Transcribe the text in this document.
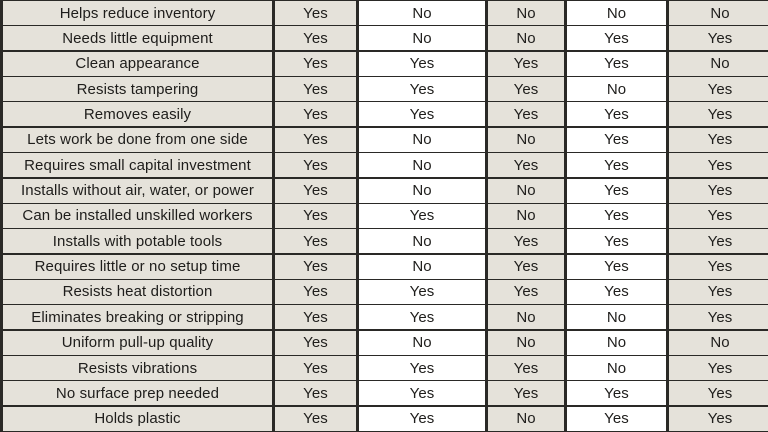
Helps reduce inventory	Yes	No	No	No	No
Needs little equipment	Yes	No	No	Yes	Yes
Clean appearance	Yes	Yes	Yes	Yes	No
Resists tampering	Yes	Yes	Yes	No	Yes
Removes easily	Yes	Yes	Yes	Yes	Yes
Lets work be done from one side	Yes	No	No	Yes	Yes
Requires small capital investment	Yes	No	Yes	Yes	Yes
Installs without air, water, or power	Yes	No	No	Yes	Yes
Can be installed unskilled workers	Yes	Yes	No	Yes	Yes
Installs with potable tools	Yes	No	Yes	Yes	Yes
Requires little or no setup time	Yes	No	Yes	Yes	Yes
Resists heat distortion	Yes	Yes	Yes	Yes	Yes
Eliminates breaking or stripping	Yes	Yes	No	No	Yes
Uniform pull-up quality	Yes	No	No	No	No
Resists vibrations	Yes	Yes	Yes	No	Yes
No surface prep needed	Yes	Yes	Yes	Yes	Yes
Holds plastic	Yes	Yes	No	Yes	Yes
